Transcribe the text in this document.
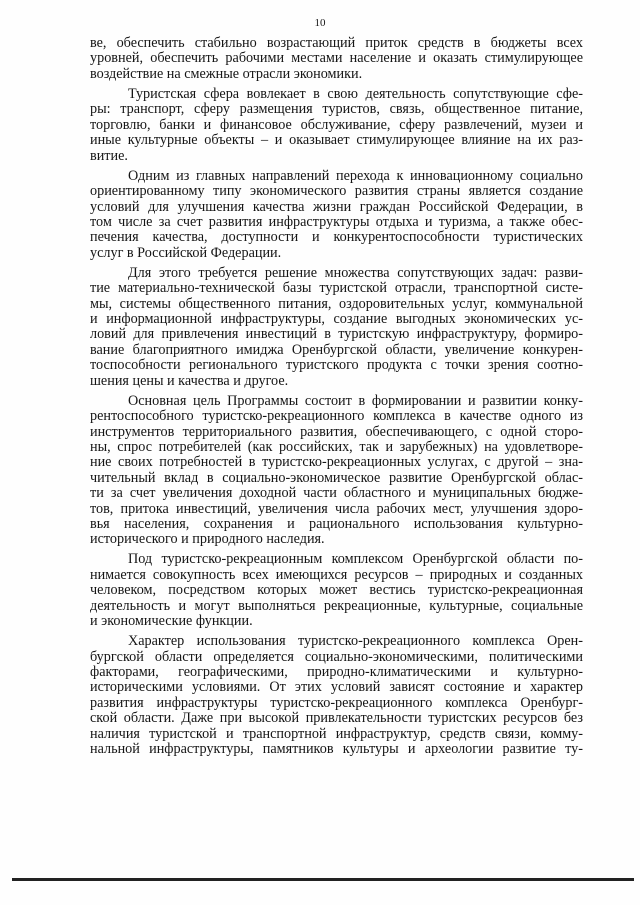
10
ве, обеспечить стабильно возрастающий приток средств в бюджеты всех
уровней, обеспечить рабочими местами население и оказать стимулирующее
воздействие на смежные отрасли экономики.
Туристская сфера вовлекает в свою деятельность сопутствующие сфе-
ры: транспорт, сферу размещения туристов, связь, общественное питание,
торговлю, банки и финансовое обслуживание, сферу развлечений, музеи и
иные культурные объекты – и оказывает стимулирующее влияние на их раз-
витие.
Одним из главных направлений перехода к инновационному социально
ориентированному типу экономического развития страны является создание
условий для улучшения качества жизни граждан Российской Федерации, в
том числе за счет развития инфраструктуры отдыха и туризма, а также обес-
печения качества, доступности и конкурентоспособности туристических
услуг в Российской Федерации.
Для этого требуется решение множества сопутствующих задач: разви-
тие материально-технической базы туристской отрасли, транспортной систе-
мы, системы общественного питания, оздоровительных услуг, коммунальной
и информационной инфраструктуры, создание выгодных экономических ус-
ловий для привлечения инвестиций в туристскую инфраструктуру, формиро-
вание благоприятного имиджа Оренбургской области, увеличение конкурен-
тоспособности регионального туристского продукта с точки зрения соотно-
шения цены и качества и другое.
Основная цель Программы состоит в формировании и развитии конку-
рентоспособного туристско-рекреационного комплекса в качестве одного из
инструментов территориального развития, обеспечивающего, с одной сторо-
ны, спрос потребителей (как российских, так и зарубежных) на удовлетворе-
ние своих потребностей в туристско-рекреационных услугах, с другой – зна-
чительный вклад в социально-экономическое развитие Оренбургской облас-
ти за счет увеличения доходной части областного и муниципальных бюдже-
тов, притока инвестиций, увеличения числа рабочих мест, улучшения здоро-
вья населения, сохранения и рационального использования культурно-
исторического и природного наследия.
Под туристско-рекреационным комплексом Оренбургской области по-
нимается совокупность всех имеющихся ресурсов – природных и созданных
человеком, посредством которых может вестись туристско-рекреационная
деятельность и могут выполняться рекреационные, культурные, социальные
и экономические функции.
Характер использования туристско-рекреационного комплекса Орен-
бургской области определяется социально-экономическими, политическими
факторами, географическими, природно-климатическими и культурно-
историческими условиями. От этих условий зависят состояние и характер
развития инфраструктуры туристско-рекреационного комплекса Оренбург-
ской области. Даже при высокой привлекательности туристских ресурсов без
наличия туристской и транспортной инфраструктур, средств связи, комму-
нальной инфраструктуры, памятников культуры и археологии развитие ту-
